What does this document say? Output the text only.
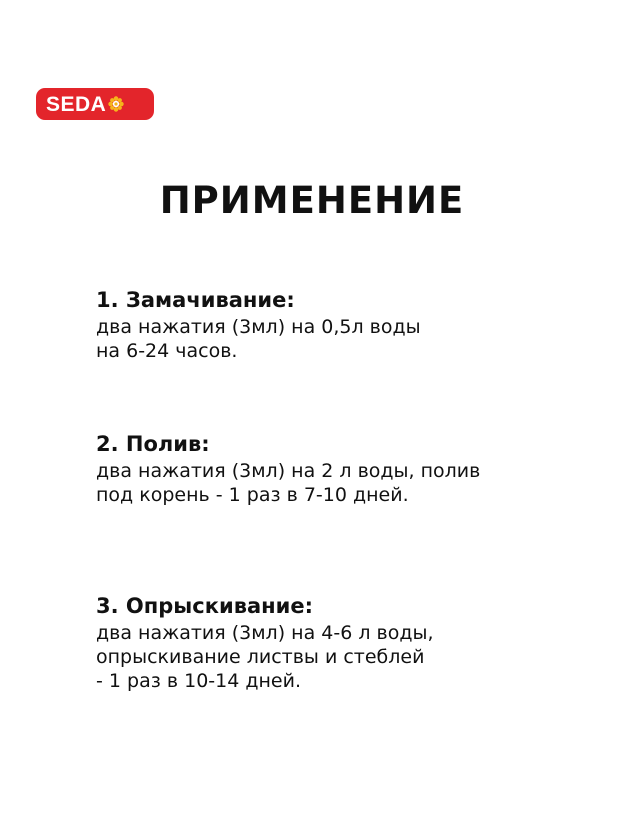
SEDA
ПРИМЕНЕНИЕ

1. Замачивание:

два нажатия (3мл) на 0,5л воды

на 6-24 часов.

2. Полив:

два нажатия (3мл) на 2 л воды, полив

под корень - 1 раз в 7-10 дней.

3. Опрыскивание:

два нажатия (3мл) на 4-6 л воды,

опрыскивание листвы и стеблей

- 1 раз в 10-14 дней.
